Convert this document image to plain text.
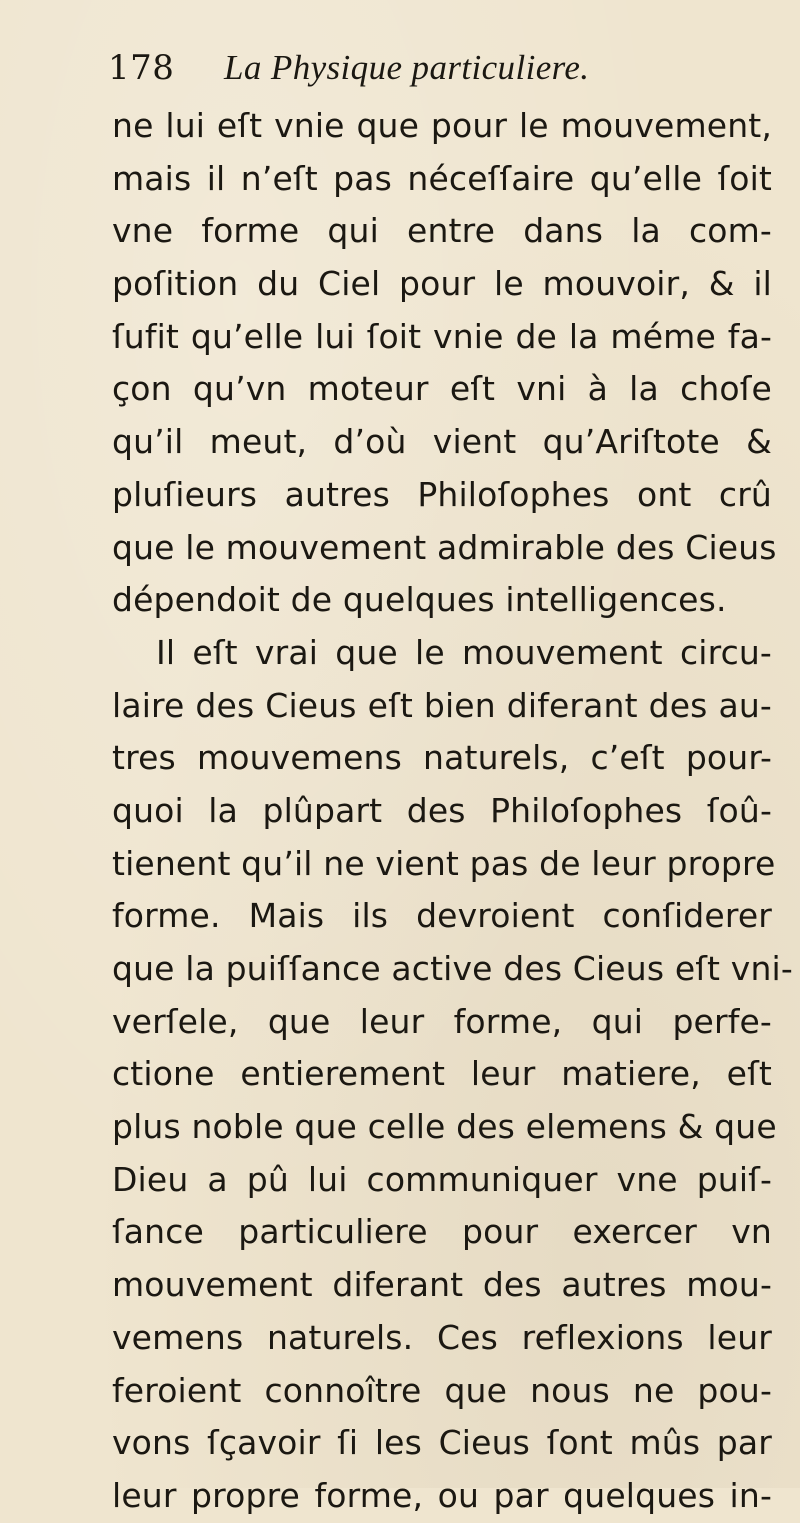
178 La Physique particuliere.
ne lui eſt vnie que pour le mouvement,
mais il n’eſt pas néceſſaire qu’elle ſoit
vne forme qui entre dans la com-
poſition du Ciel pour le mouvoir, & il
ſufit qu’elle lui ſoit vnie de la méme fa-
çon qu’vn moteur eſt vni à la choſe
qu’il meut, d’où vient qu’Ariſtote &
pluſieurs autres Philoſophes ont crû
que le mouvement admirable des Cieus
dépendoit de quelques intelligences.
Il eſt vrai que le mouvement circu-
laire des Cieus eſt bien diferant des au-
tres mouvemens naturels, c’eſt pour-
quoi la plûpart des Philoſophes ſoû-
tienent qu’il ne vient pas de leur propre
forme. Mais ils devroient conſiderer
que la puiſſance active des Cieus eſt vni-
verſele, que leur forme, qui perfe-
ctione entierement leur matiere, eſt
plus noble que celle des elemens & que
Dieu a pû lui communiquer vne puiſ-
ſance particuliere pour exercer vn
mouvement diferant des autres mou-
vemens naturels. Ces reflexions leur
feroient connoître que nous ne pou-
vons ſçavoir ſi les Cieus ſont mûs par
leur propre forme, ou par quelques in-
